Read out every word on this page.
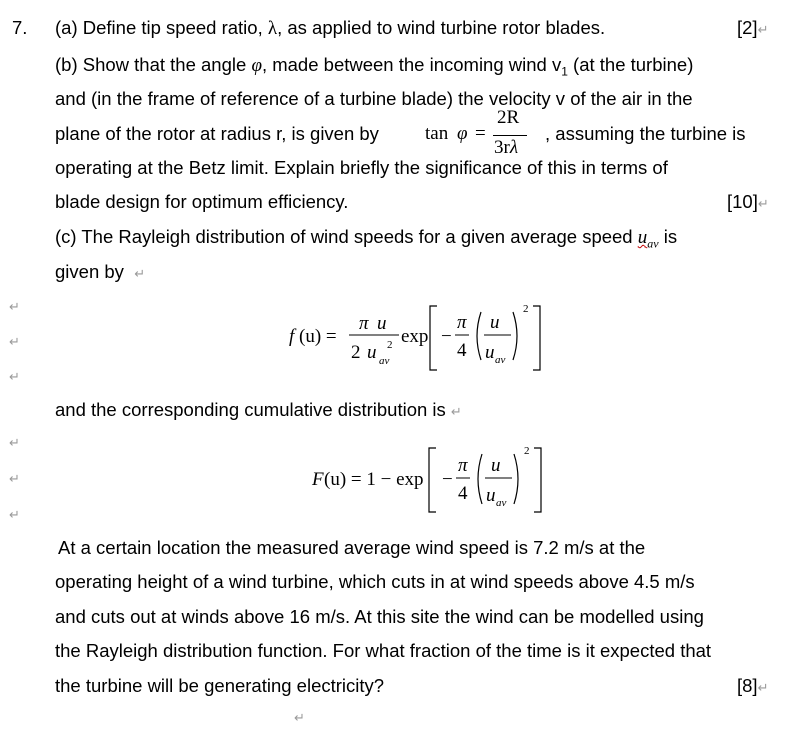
7. (a) Define tip speed ratio, λ, as applied to wind turbine rotor blades.	[2]↵
(b) Show that the angle φ, made between the incoming wind $v_1$ (at the turbine)
and (in the frame of reference of a turbine blade) the velocity v of the air in the
plane of the rotor at radius r, is given by tan φ =
2R
3rλ
, assuming the turbine is
operating at the Betz limit. Explain briefly the significance of this in terms of
blade design for optimum efficiency.	[10]↵
(c) The Rayleigh distribution of wind speeds for a given average speed $u_{av}$ is
given by ↵
↵
↵
↵
↵
↵
↵
f (u) =
π u
2 u av
2 exp −
π
4
u
u av
2
and the corresponding cumulative distribution is ↵
F (u) = 1 − exp −
π
4
u
u av
2
At a certain location the measured average wind speed is 7.2 m/s at the
operating height of a wind turbine, which cuts in at wind speeds above 4.5 m/s
and cuts out at winds above 16 m/s. At this site the wind can be modelled using
the Rayleigh distribution function. For what fraction of the time is it expected that
the turbine will be generating electricity?	[8]↵
↵
